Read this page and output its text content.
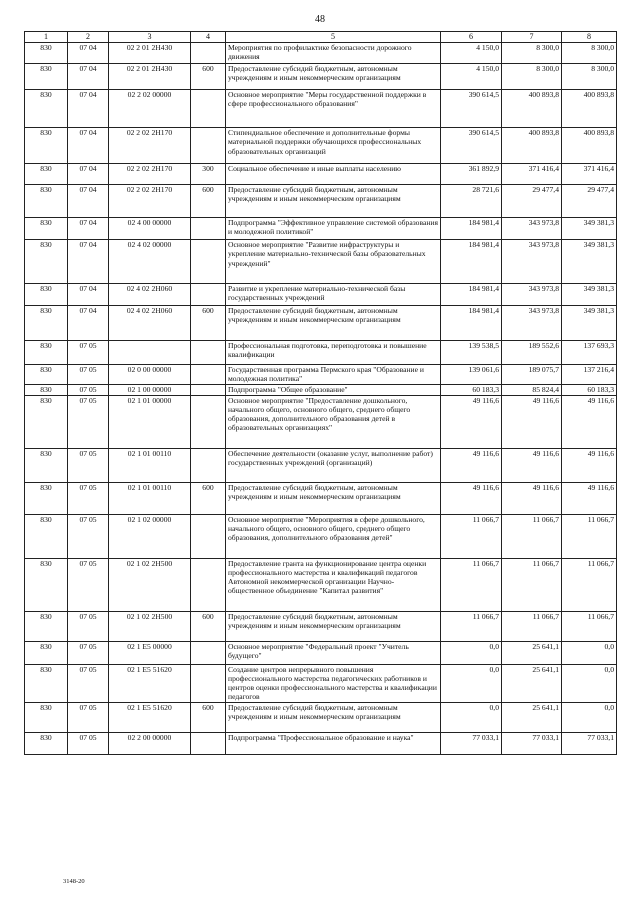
48
1	2	3	4	5	6	7	8
830	07 04	02 2 01 2Н430		Мероприятия по профилактике безопасности дорожного движения	4 150,0	8 300,0	8 300,0
830	07 04	02 2 01 2Н430	600	Предоставление субсидий бюджетным, автономным учреждениям и иным некоммерческим организациям	4 150,0	8 300,0	8 300,0
830	07 04	02 2 02 00000		Основное мероприятие "Меры государственной поддержки в сфере профессионального образования"	390 614,5	400 893,8	400 893,8
830	07 04	02 2 02 2Н170		Стипендиальное обеспечение и дополнительные формы материальной поддержки обучающихся профессиональных образовательных организаций	390 614,5	400 893,8	400 893,8
830	07 04	02 2 02 2Н170	300	Социальное обеспечение и иные выплаты населению	361 892,9	371 416,4	371 416,4
830	07 04	02 2 02 2Н170	600	Предоставление субсидий бюджетным, автономным учреждениям и иным некоммерческим организациям	28 721,6	29 477,4	29 477,4
830	07 04	02 4 00 00000		Подпрограмма "Эффективное управление системой образования и молодежной политикой"	184 981,4	343 973,8	349 381,3
830	07 04	02 4 02 00000		Основное мероприятие "Развитие инфраструктуры и укрепление материально-технической базы образовательных учреждений"	184 981,4	343 973,8	349 381,3
830	07 04	02 4 02 2Н060		Развитие и укрепление материально-технической базы государственных учреждений	184 981,4	343 973,8	349 381,3
830	07 04	02 4 02 2Н060	600	Предоставление субсидий бюджетным, автономным учреждениям и иным некоммерческим организациям	184 981,4	343 973,8	349 381,3
830	07 05			Профессиональная подготовка, переподготовка и повышение квалификации	139 538,5	189 552,6	137 693,3
830	07 05	02 0 00 00000		Государственная программа Пермского края "Образование и молодежная политика"	139 061,6	189 075,7	137 216,4
830	07 05	02 1 00 00000		Подпрограмма "Общее образование"	60 183,3	85 824,4	60 183,3
830	07 05	02 1 01 00000		Основное мероприятие "Предоставление дошкольного, начального общего, основного общего, среднего общего образования, дополнительного образования детей в образовательных организациях"	49 116,6	49 116,6	49 116,6
830	07 05	02 1 01 00110		Обеспечение деятельности (оказание услуг, выполнение работ) государственных учреждений (организаций)	49 116,6	49 116,6	49 116,6
830	07 05	02 1 01 00110	600	Предоставление субсидий бюджетным, автономным учреждениям и иным некоммерческим организациям	49 116,6	49 116,6	49 116,6
830	07 05	02 1 02 00000		Основное мероприятие "Мероприятия в сфере дошкольного, начального общего, основного общего, среднего общего образования, дополнительного образования детей"	11 066,7	11 066,7	11 066,7
830	07 05	02 1 02 2Н500		Предоставление гранта на функционирование центра оценки профессионального мастерства и квалификаций педагогов Автономной некоммерческой организации Научно-общественное объединение "Капитал развития"	11 066,7	11 066,7	11 066,7
830	07 05	02 1 02 2Н500	600	Предоставление субсидий бюджетным, автономным учреждениям и иным некоммерческим организациям	11 066,7	11 066,7	11 066,7
830	07 05	02 1 Е5 00000		Основное мероприятие "Федеральный проект "Учитель будущего"	0,0	25 641,1	0,0
830	07 05	02 1 Е5 51620		Создание центров непрерывного повышения профессионального мастерства педагогических работников и центров оценки профессионального мастерства и квалификации педагогов	0,0	25 641,1	0,0
830	07 05	02 1 Е5 51620	600	Предоставление субсидий бюджетным, автономным учреждениям и иным некоммерческим организациям	0,0	25 641,1	0,0
830	07 05	02 2 00 00000		Подпрограмма "Профессиональное образование и наука"	77 033,1	77 033,1	77 033,1
3148-20
